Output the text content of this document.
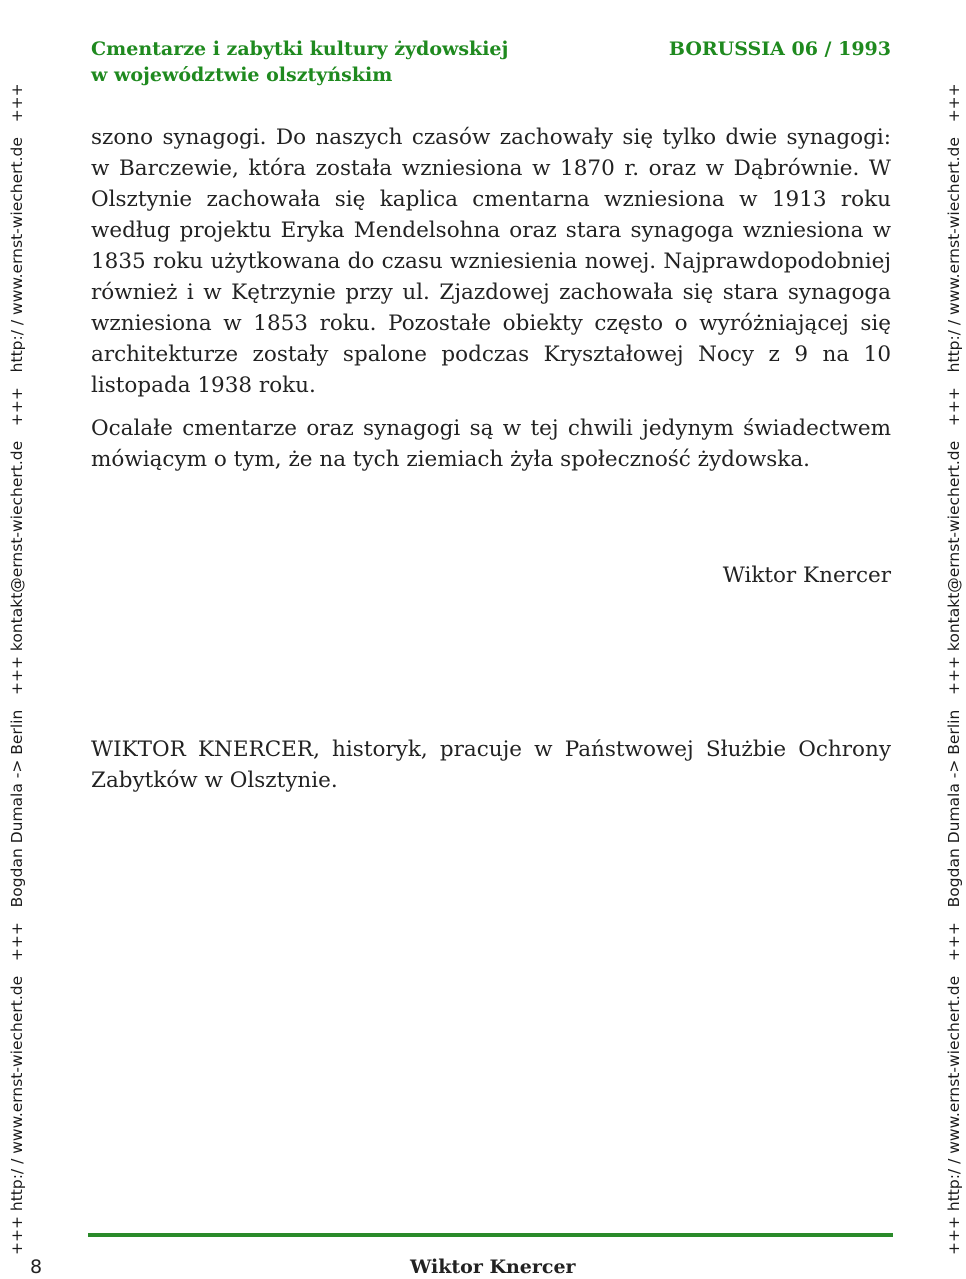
+++ http:/ / www.ernst-wiechert.de   +++   Bogdan Dumala -> Berlin   +++ kontakt@ernst-wiechert.de   +++   http:/ / www.ernst-wiechert.de   +++	+++ http:/ / www.ernst-wiechert.de   +++   Bogdan Dumala -> Berlin   +++ kontakt@ernst-wiechert.de   +++   http:/ / www.ernst-wiechert.de   +++
Cmentarze i zabytki kultury żydowskiej
w województwie olsztyńskim
BORUSSIA 06 / 1993

szono synagogi. Do naszych czasów zachowały się tylko dwie synagogi: w Barczewie, która została wzniesiona w 1870 r. oraz w Dąbrównie. W Olsztynie zachowała się kaplica cmentarna wzniesiona w 1913 roku według projektu Eryka Mendelsohna oraz stara synagoga wzniesiona w 1835 roku użytkowana do czasu wzniesienia nowej. Najprawdopodobniej również i w Kętrzynie przy ul. Zjazdowej zachowała się stara synagoga wzniesiona w 1853 roku. Pozostałe obiekty często o wyróżniającej się architekturze zostały spalone podczas Kryształowej Nocy z 9 na 10 listopada 1938 roku.

Ocalałe cmentarze oraz synagogi są w tej chwili jedynym świadectwem mówiącym o tym, że na tych ziemiach żyła społeczność żydowska.

Wiktor Knercer
WIKTOR KNERCER, historyk, pracuje w Państwowej Służbie Ochrony Zabytków w Olsztynie.
8	Wiktor Knercer
